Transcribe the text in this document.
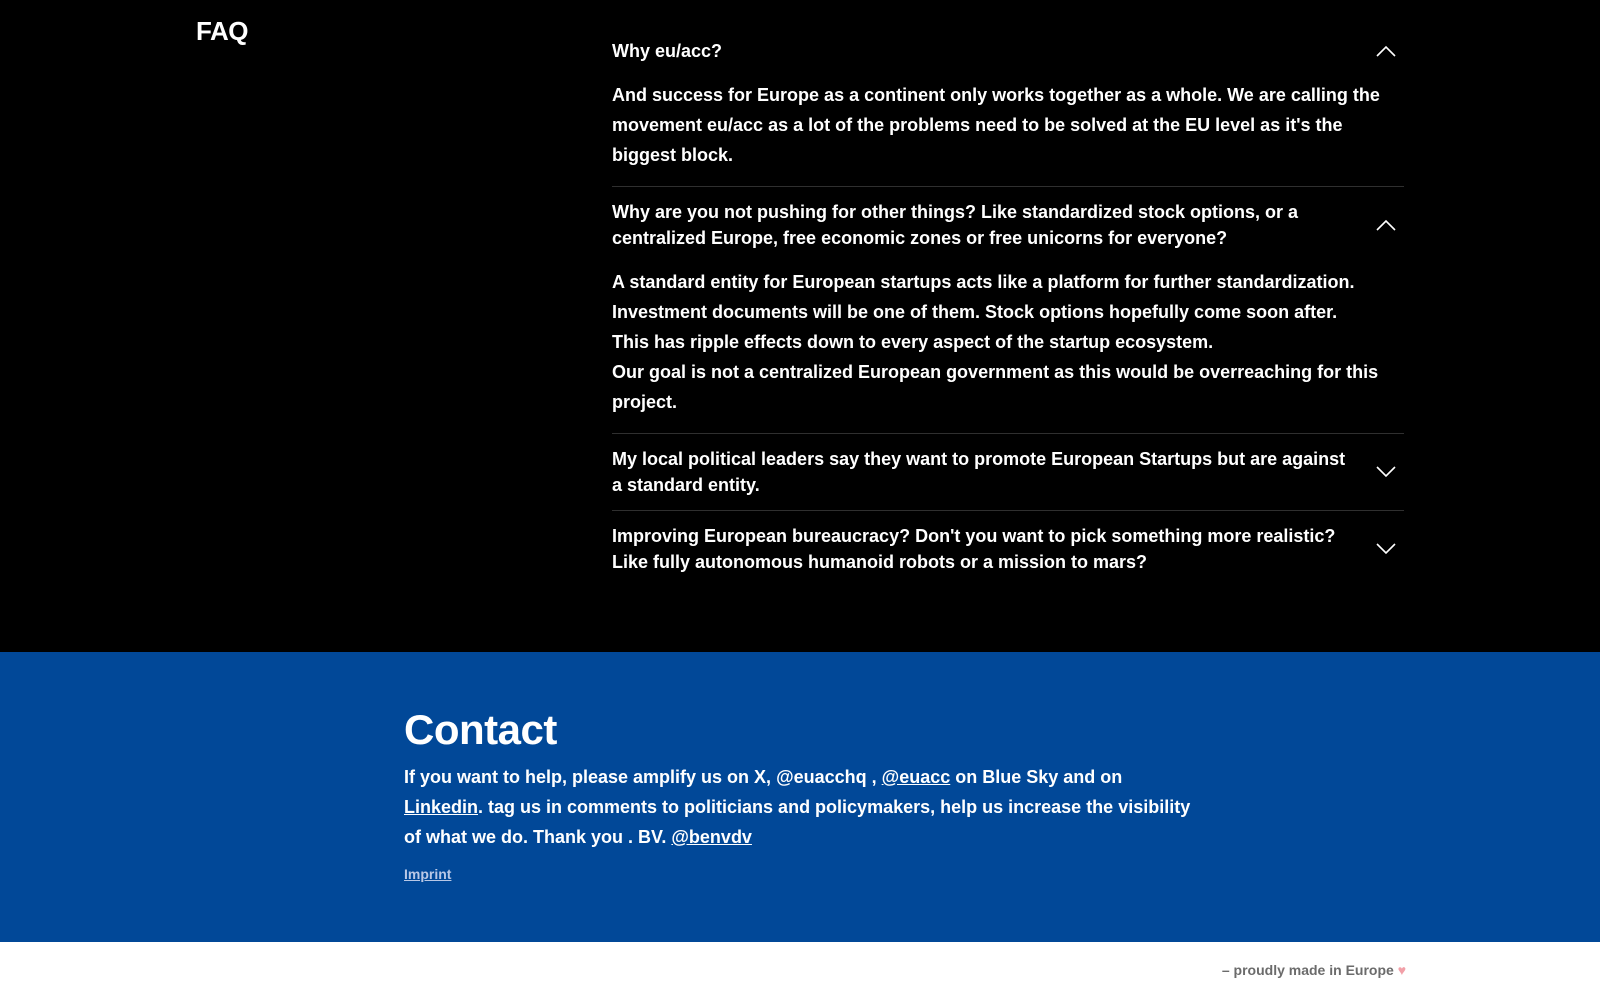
FAQ
Why eu/acc?

And success for Europe as a continent only works together as a whole. We are calling the movement eu/acc as a lot of the problems need to be solved at the EU level as it's the biggest block.

Why are you not pushing for other things? Like standardized stock options, or a centralized Europe, free economic zones or free unicorns for everyone?

A standard entity for European startups acts like a platform for further standardization.

Investment documents will be one of them. Stock options hopefully come soon after.

This has ripple effects down to every aspect of the startup ecosystem.

Our goal is not a centralized European government as this would be overreaching for this project.

My local political leaders say they want to promote European Startups but are against a standard entity.
Improving European bureaucracy? Don't you want to pick something more realistic? Like fully autonomous humanoid robots or a mission to mars?
Contact

If you want to help, please amplify us on X, @euacchq , @euacc on Blue Sky and on Linkedin. tag us in comments to politicians and policymakers, help us increase the visibility of what we do. Thank you . BV. @benvdv

Imprint
– proudly made in Europe ♥
